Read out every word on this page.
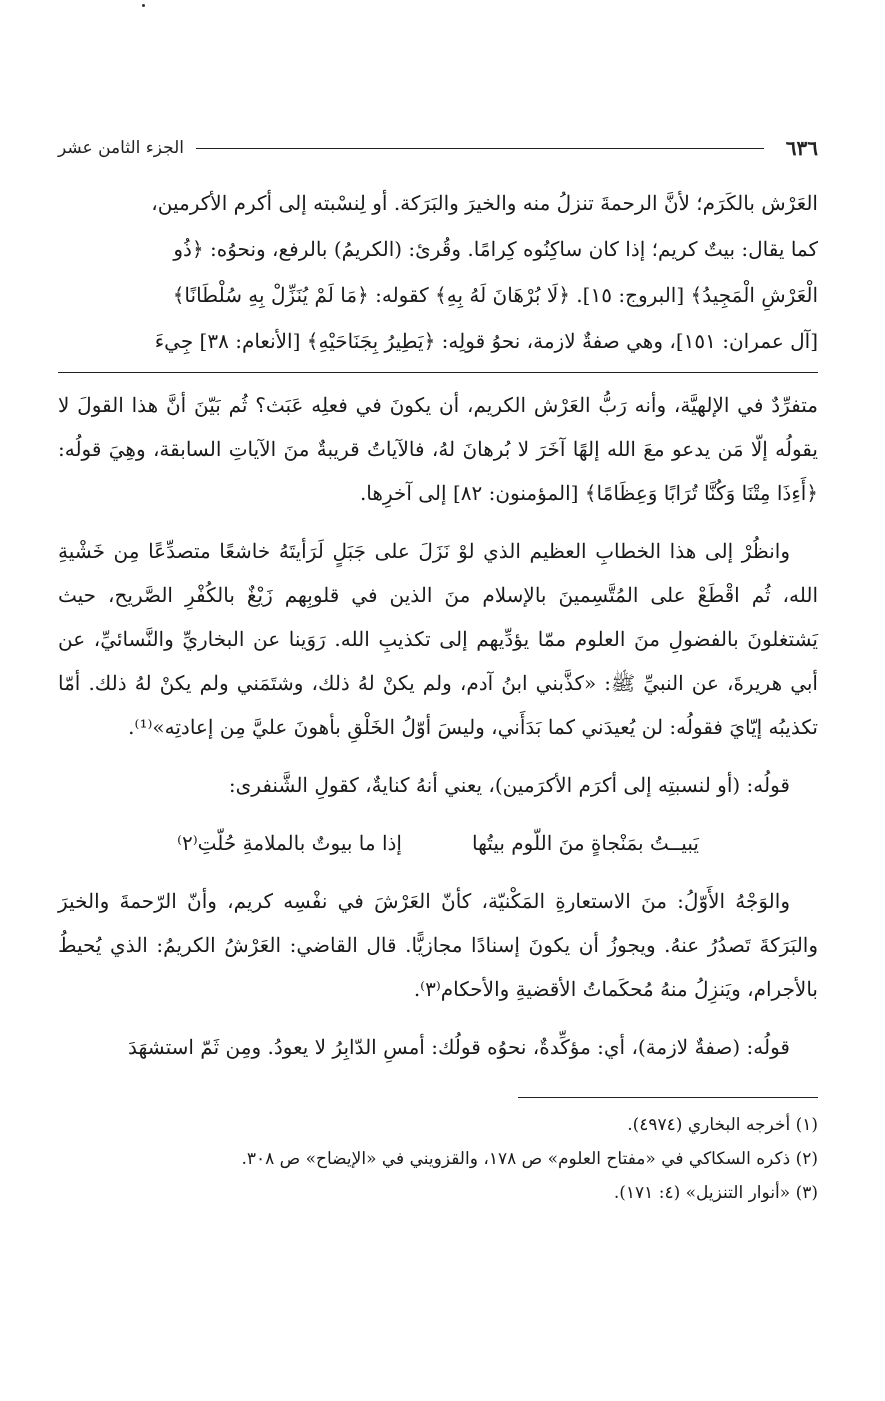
٦٣٦
الجزء الثامن عشر
العَرْش بالكَرَم؛ لأنَّ الرحمةَ تنزلُ منه والخيرَ والبَرَكة. أو لِنسْبته إلى أكرم الأكرمين،
كما يقال: بيتٌ كريم؛ إذا كان ساكِنُوه كِرامًا. وقُرئ: (الكريمُ) بالرفع، ونحوُه: ﴿ذُو
الْعَرْشِ الْمَجِيدُ﴾ [البروج: ١٥]. ﴿لَا بُرْهَانَ لَهُ بِهِ﴾ كقوله: ﴿مَا لَمْ يُنَزِّلْ بِهِ سُلْطَانًا﴾
[آل عمران: ١٥١]، وهي صفةٌ لازمة، نحوُ قولِه: ﴿يَطِيرُ بِجَنَاحَيْهِ﴾ [الأنعام: ٣٨] جِيءَ

متفرِّدٌ في الإلهيَّة، وأنه رَبُّ العَرْش الكريم، أن يكونَ في فعلِه عَبَث؟ ثُم بَيّنَ أنَّ هذا القولَ لا يقولُه إلّا مَن يدعو معَ الله إلهًا آخَرَ لا بُرهانَ لهُ، فالآياتُ قريبةٌ منَ الآياتِ السابقة، وهِيَ قولُه: ﴿أَءِذَا مِتْنَا وَكُنَّا تُرَابًا وَعِظَامًا﴾ [المؤمنون: ٨٢] إلى آخرِها.

وانظُرْ إلى هذا الخطابِ العظيم الذي لوْ نَزَلَ على جَبَلٍ لَرَأيتَهُ خاشعًا متصدِّعًا مِن خَشْيةِ الله، ثُم اقْطَعْ على المُتَّسِمينَ بالإسلام منَ الذين في قلوبِهم زَيْغٌ بالكُفْرِ الصَّريح، حيث يَشتغلونَ بالفضولِ منَ العلوم ممّا يؤدِّيهم إلى تكذيبِ الله. رَوَينا عن البخاريِّ والنَّسائيِّ، عن أبي هريرةَ، عن النبيِّ ﷺ: «كذَّبني ابنُ آدم، ولم يكنْ لهُ ذلك، وشتَمَني ولم يكنْ لهُ ذلك. أمّا تكذيبُه إيّايَ فقولُه: لن يُعيدَني كما بَدَأَني، وليسَ أوّلُ الخَلْقِ بأهونَ عليَّ مِن إعادتِه»⁽¹⁾.

قولُه: (أو لنسبتِه إلى أكرَم الأكرَمين)، يعني أنهُ كنايةٌ، كقولِ الشَّنفرى:

يَبيــتُ بمَنْجاةٍ منَ اللّوم بيتُها
إذا ما بيوتٌ بالملامةِ حُلّتِ⁽٢⁾

والوَجْهُ الأَوّلُ: منَ الاستعارةِ المَكْنيّة، كأنّ العَرْشَ في نفْسِه كريم، وأنّ الرّحمةَ والخيرَ والبَرَكةَ تَصدُرُ عنهُ. ويجوزُ أن يكونَ إسنادًا مجازيًّا. قال القاضي: العَرْشُ الكريمُ: الذي يُحيطُ بالأجرام، ويَنزِلُ منهُ مُحكَماتُ الأقضيةِ والأحكام⁽٣⁾.

قولُه: (صفةٌ لازمة)، أي: مؤكِّدةٌ، نحوُه قولُك: أمسِ الدّابِرُ لا يعودُ. ومِن ثَمّ استشهَدَ

(١) أخرجه البخاري (٤٩٧٤).
(٢) ذكره السكاكي في «مفتاح العلوم» ص ١٧٨، والقزويني في «الإيضاح» ص ٣٠٨.
(٣) «أنوار التنزيل» (٤: ١٧١).
